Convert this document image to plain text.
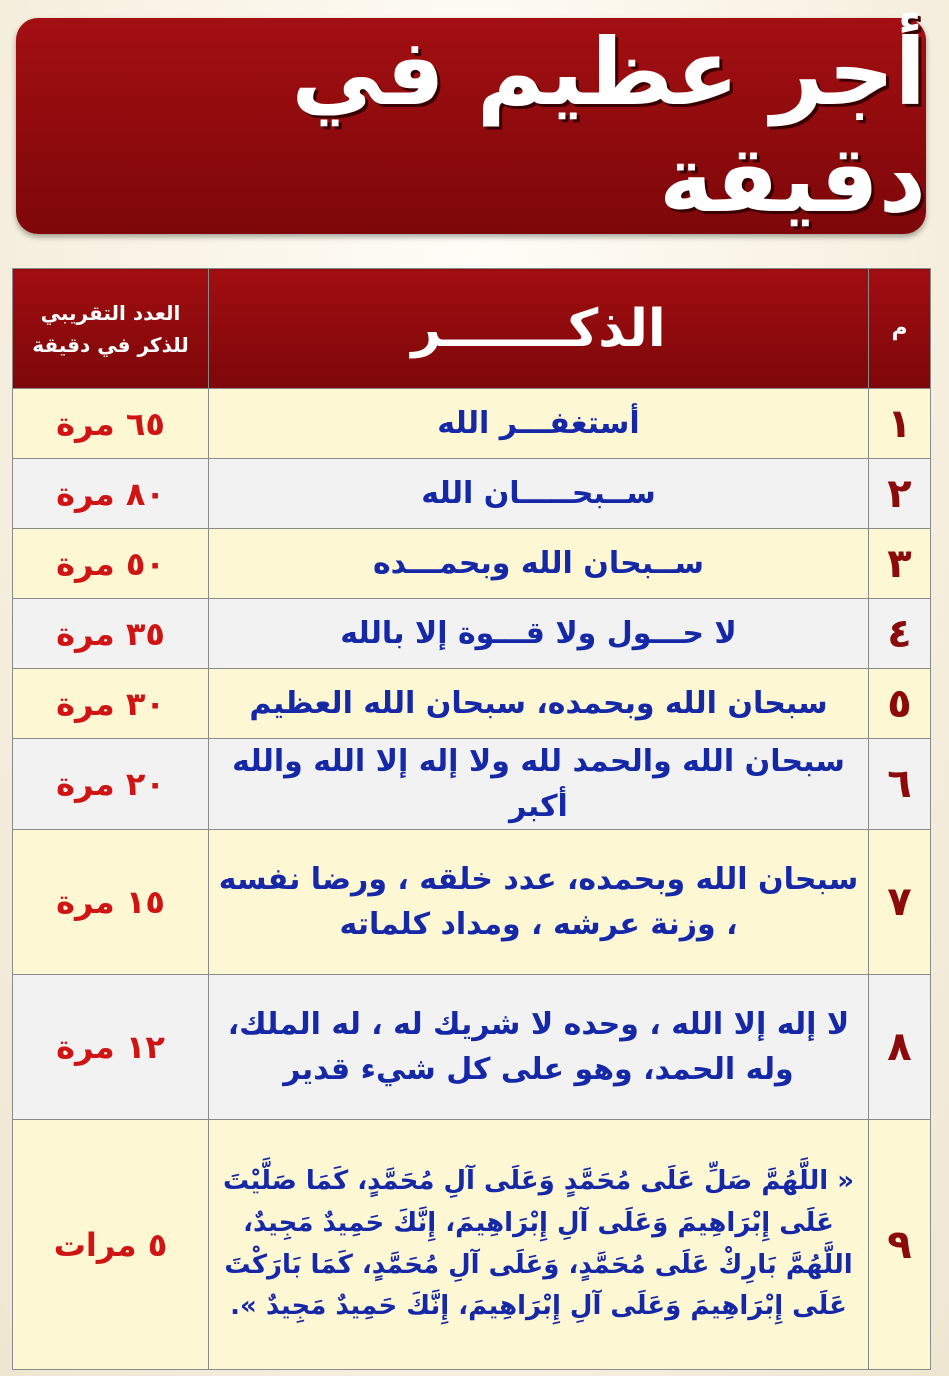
أجر عظيم في دقيقة
م	الذكـــــــر	العدد التقريبي
للذكر في دقيقة

١	أستغفـــر الله	٦٥ مرة
٢	ســبحـــــان الله	٨٠ مرة
٣	ســبحان الله وبحمـــده	٥٠ مرة
٤	لا حـــول ولا قـــوة إلا بالله	٣٥ مرة
٥	سبحان الله وبحمده، سبحان الله العظيم	٣٠ مرة
٦	سبحان الله والحمد لله ولا إله إلا الله والله أكبر	٢٠ مرة
٧	سبحان الله وبحمده، عدد خلقه ، ورضا نفسه ، وزنة عرشه ، ومداد كلماته	١٥ مرة
٨	لا إله إلا الله ، وحده لا شريك له ، له الملك، وله الحمد، وهو على كل شيء قدير	١٢ مرة
٩	« اللَّهُمَّ صَلِّ عَلَى مُحَمَّدٍ وَعَلَى آلِ مُحَمَّدٍ، كَمَا صَلَّيْتَ عَلَى إِبْرَاهِيمَ وَعَلَى آلِ إِبْرَاهِيمَ، إِنَّكَ حَمِيدٌ مَجِيدٌ، اللَّهُمَّ بَارِكْ عَلَى مُحَمَّدٍ، وَعَلَى آلِ مُحَمَّدٍ، كَمَا بَارَكْتَ عَلَى إِبْرَاهِيمَ وَعَلَى آلِ إِبْرَاهِيمَ، إِنَّكَ حَمِيدٌ مَجِيدٌ ».	٥ مرات
